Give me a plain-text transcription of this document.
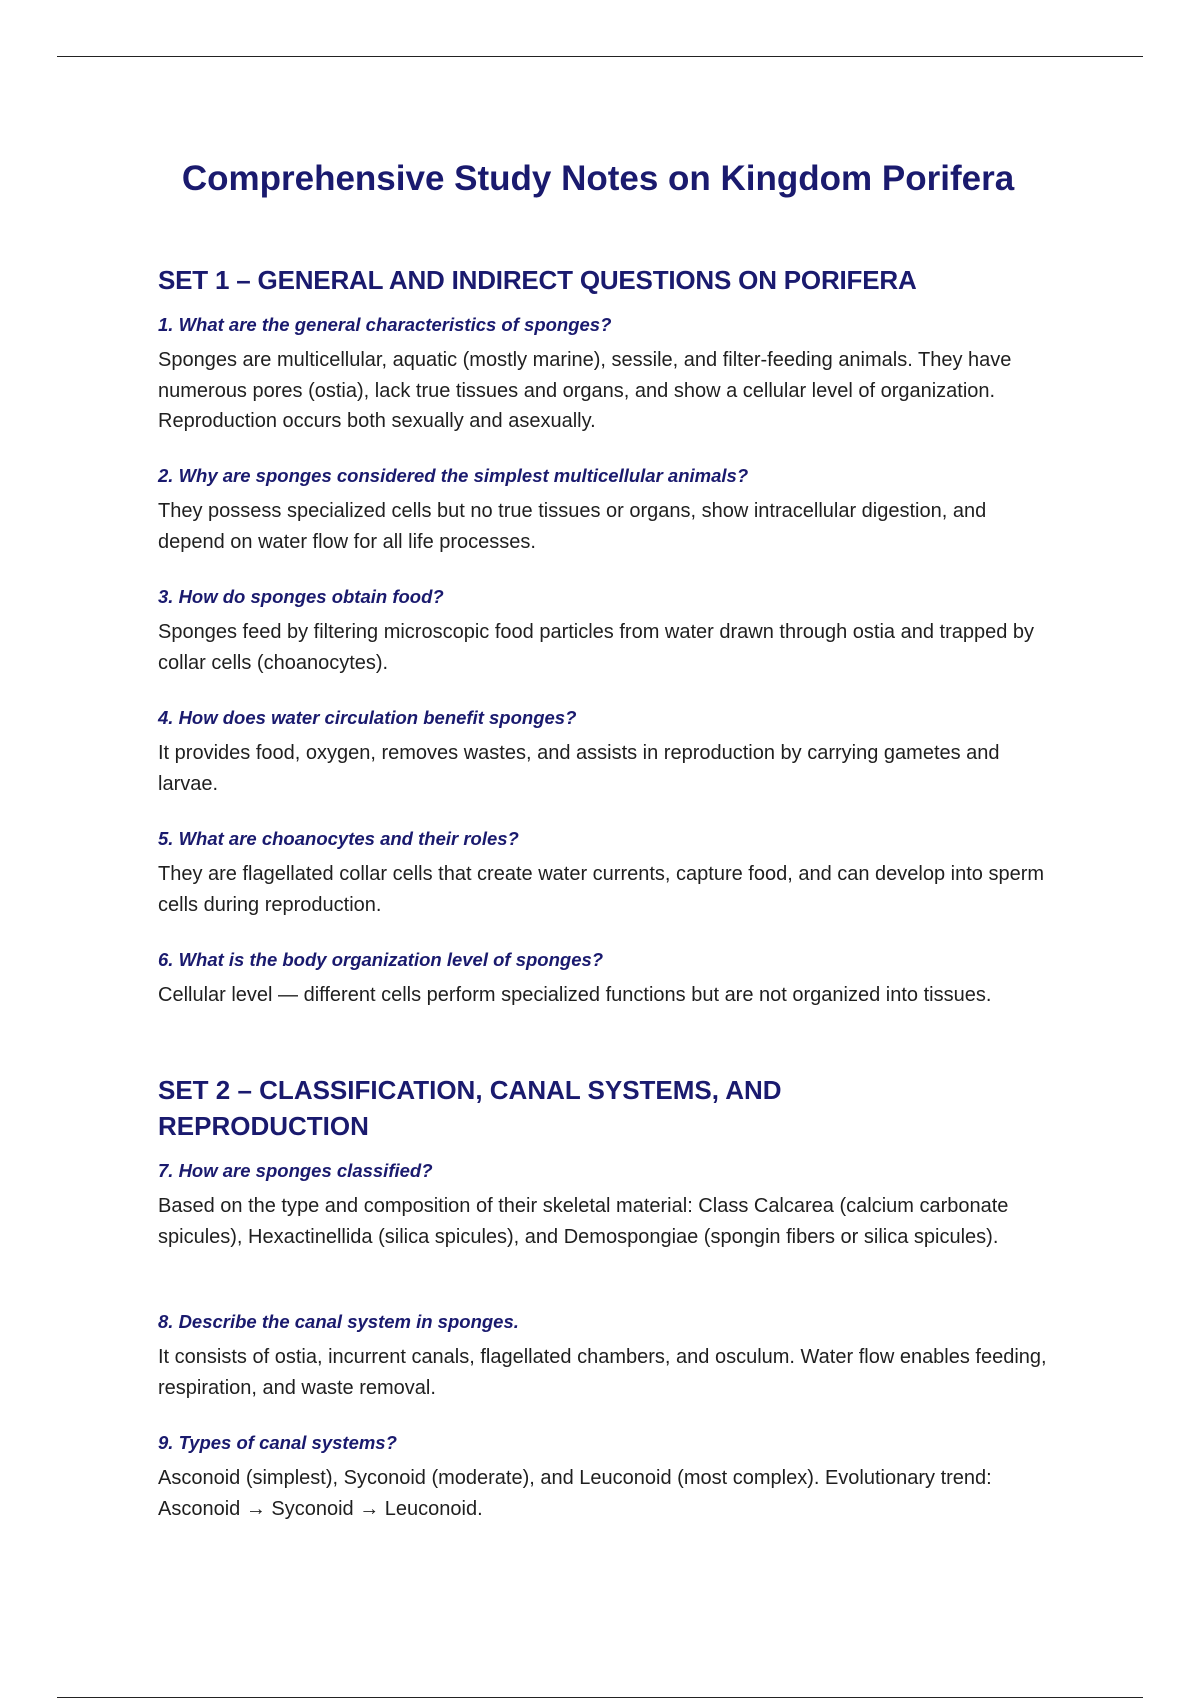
Comprehensive Study Notes on Kingdom Porifera
SET 1 – GENERAL AND INDIRECT QUESTIONS ON PORIFERA

1. What are the general characteristics of sponges?

Sponges are multicellular, aquatic (mostly marine), sessile, and filter-feeding animals. They have numerous pores (ostia), lack true tissues and organs, and show a cellular level of organization. Reproduction occurs both sexually and asexually.

2. Why are sponges considered the simplest multicellular animals?

They possess specialized cells but no true tissues or organs, show intracellular digestion, and depend on water flow for all life processes.

3. How do sponges obtain food?

Sponges feed by filtering microscopic food particles from water drawn through ostia and trapped by collar cells (choanocytes).

4. How does water circulation benefit sponges?

It provides food, oxygen, removes wastes, and assists in reproduction by carrying gametes and larvae.

5. What are choanocytes and their roles?

They are flagellated collar cells that create water currents, capture food, and can develop into sperm cells during reproduction.

6. What is the body organization level of sponges?

Cellular level — different cells perform specialized functions but are not organized into tissues.

SET 2 – CLASSIFICATION, CANAL SYSTEMS, AND REPRODUCTION

7. How are sponges classified?

Based on the type and composition of their skeletal material: Class Calcarea (calcium carbonate spicules), Hexactinellida (silica spicules), and Demospongiae (spongin fibers or silica spicules).

8. Describe the canal system in sponges.

It consists of ostia, incurrent canals, flagellated chambers, and osculum. Water flow enables feeding, respiration, and waste removal.

9. Types of canal systems?

Asconoid (simplest), Syconoid (moderate), and Leuconoid (most complex). Evolutionary trend: Asconoid → Syconoid → Leuconoid.
